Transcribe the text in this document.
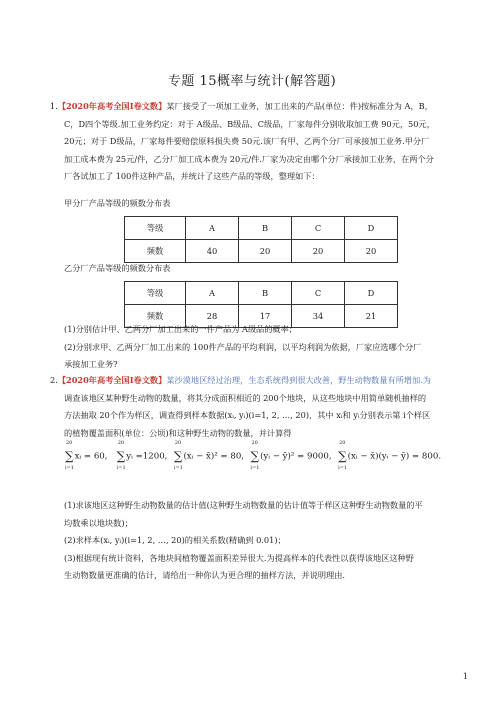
专题 15概率与统计(解答题)
1.【2020年高考全国Ⅰ卷文数】某厂接受了一项加工业务，加工出来的产品(单位：件)按标准分为 A，B，
C，D四个等级.加工业务约定：对于 A级品、B级品、C级品，厂家每件分别收取加工费 90元，50元，
20元；对于 D级品，厂家每件要赔偿原料损失费 50元.该厂有甲、乙两个分厂可承接加工业务.甲分厂
加工成本费为 25元/件，乙分厂加工成本费为 20元/件.厂家为决定由哪个分厂承接加工业务，在两个分
厂各试加工了 100件这种产品，并统计了这些产品的等级，整理如下：
甲分厂产品等级的频数分布表
等级	A	B	C	D
频数	40	20	20	20
乙分厂产品等级的频数分布表
等级	A	B	C	D
频数	28	17	34	21
(1)分别估计甲、乙两分厂加工出来的一件产品为 A级品的概率；
(2)分别求甲、乙两分厂加工出来的 100件产品的平均利润，以平均利润为依据，厂家应选哪个分厂
承接加工业务?
2.【2020年高考全国Ⅰ卷文数】某沙漠地区经过治理，生态系统得到很大改善，野生动物数量有所增加.为
调查该地区某种野生动物的数量，将其分成面积相近的 200个地块，从这些地块中用简单随机抽样的
方法抽取 20个作为样区，调查得到样本数据(xᵢ, yᵢ)(i=1, 2, …, 20)，其中 xᵢ和 yᵢ分别表示第 i个样区
的植物覆盖面积(单位：公顷)和这种野生动物的数量，并计算得
∑
20
i=1
xᵢ = 60, ∑
20
i=1
yᵢ =1200, ∑
20
i=1
(xᵢ − x̄)² = 80, ∑
20
i=1
(yᵢ − ȳ)² = 9000, ∑
20
i=1
(xᵢ − x̄)(yᵢ − ȳ) = 800.
(1)求该地区这种野生动物数量的估计值(这种野生动物数量的估计值等于样区这种野生动物数量的平
均数乘以地块数)；
(2)求样本(xᵢ, yᵢ)(i=1, 2, …, 20)的相关系数(精确到 0.01)；
(3)根据现有统计资料，各地块间植物覆盖面积差异很大.为提高样本的代表性以获得该地区这种野
生动物数量更准确的估计，请给出一种你认为更合理的抽样方法，并说明理由.
1
